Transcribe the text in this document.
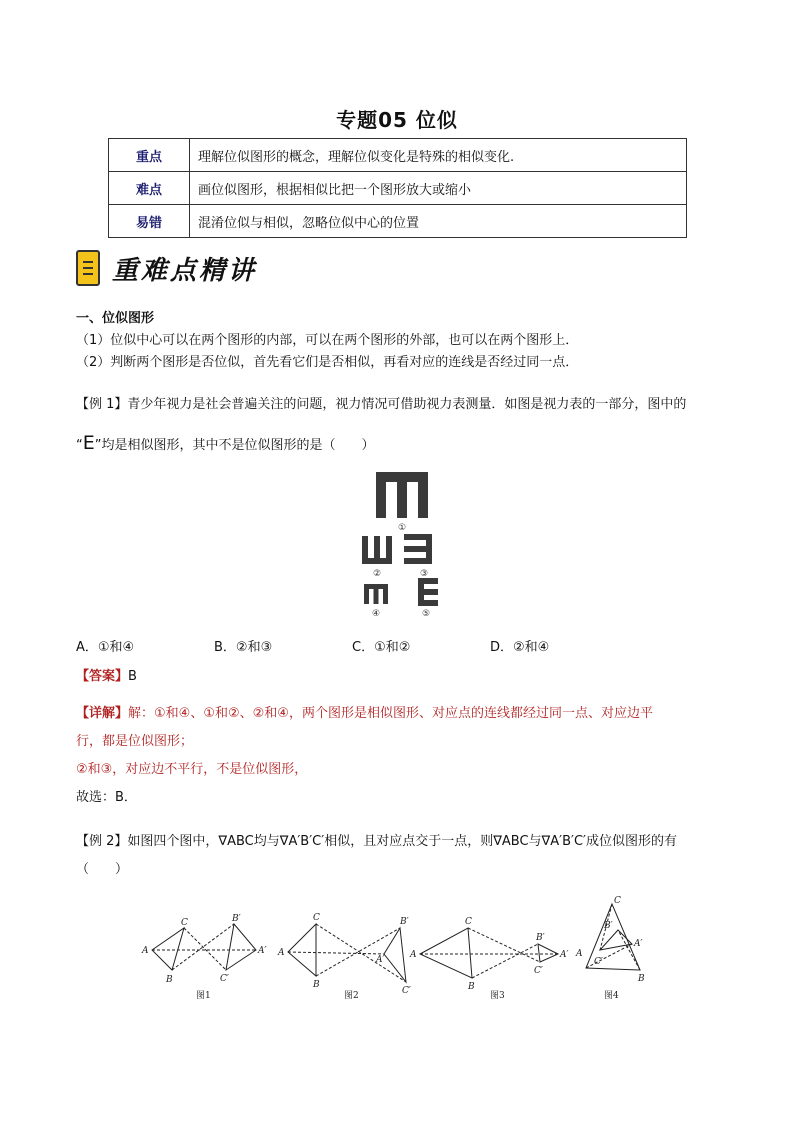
专题05 位似
重点	理解位似图形的概念，理解位似变化是特殊的相似变化.
难点	画位似图形，根据相似比把一个图形放大或缩小
易错	混淆位似与相似，忽略位似中心的位置
重难点精讲
一、位似图形
（1）位似中心可以在两个图形的内部，可以在两个图形的外部，也可以在两个图形上．
（2）判断两个图形是否位似，首先看它们是否相似，再看对应的连线是否经过同一点．
【例 1】青少年视力是社会普遍关注的问题，视力情况可借助视力表测量．如图是视力表的一部分，图中的
“E”均是相似图形，其中不是位似图形的是（　　）
①
②	③
④	⑤
A．①和④	B．②和③	C．①和②	D．②和④
【答案】B
【详解】解：①和④、①和②、②和④，两个图形是相似图形、对应点的连线都经过同一点、对应边平
行，都是位似图形；
②和③，对应边不平行，不是位似图形，
故选：B．
【例 2】如图四个图中，∇ABC均与∇A′B′C′相似，且对应点交于一点，则∇ABC与∇A′B′C′成位似图形的有
（　　）
A
C
B
B′
A′
C′
A
C
B
B′
A′
C′
A
C
B
B′
A′
C′
C
B′
A′
A
C′
B
图1	图2	图3	图4
